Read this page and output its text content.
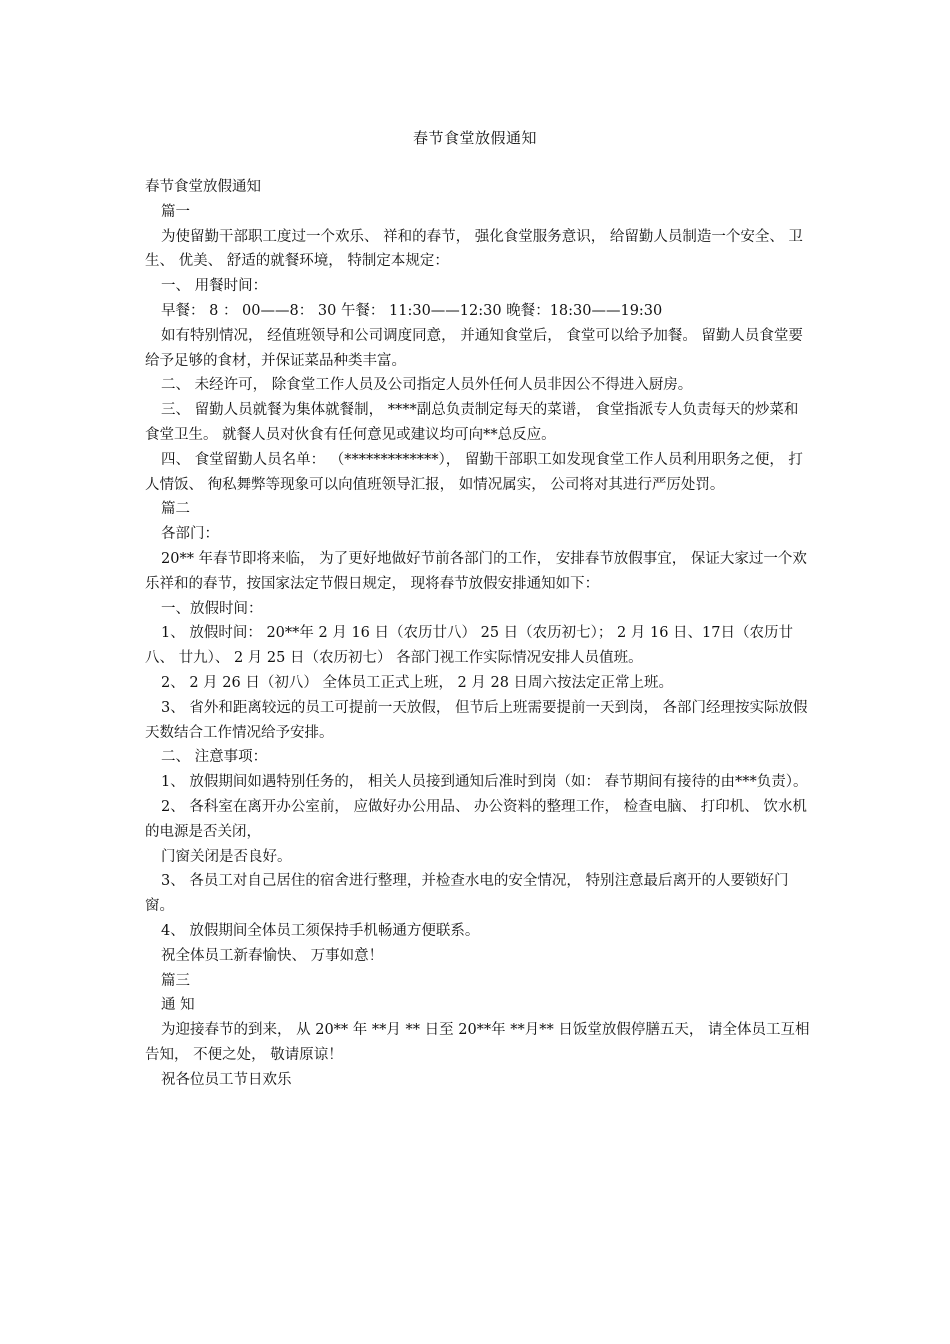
春节食堂放假通知

春节食堂放假通知

篇一

为使留勤干部职工度过一个欢乐、 祥和的春节， 强化食堂服务意识， 给留勤人员制造一个安全、 卫生、 优美、 舒适的就餐环境， 特制定本规定：

一、 用餐时间：

早餐： 8 ： 00——8： 30 午餐： 11:30——12:30 晚餐：18:30——19:30

如有特别情况， 经值班领导和公司调度同意， 并通知食堂后， 食堂可以给予加餐。 留勤人员食堂要给予足够的食材，并保证菜品种类丰富。

二、 未经许可， 除食堂工作人员及公司指定人员外任何人员非因公不得进入厨房。

三、 留勤人员就餐为集体就餐制， ****副总负责制定每天的菜谱， 食堂指派专人负责每天的炒菜和食堂卫生。 就餐人员对伙食有任何意见或建议均可向**总反应。

四、 食堂留勤人员名单： （*************）， 留勤干部职工如发现食堂工作人员利用职务之便， 打人情饭、 徇私舞弊等现象可以向值班领导汇报， 如情况属实， 公司将对其进行严厉处罚。

篇二

各部门：

20** 年春节即将来临， 为了更好地做好节前各部门的工作， 安排春节放假事宜， 保证大家过一个欢乐祥和的春节，按国家法定节假日规定， 现将春节放假安排通知如下：

一、放假时间：

1、 放假时间： 20**年 2 月 16 日（农历廿八） 25 日（农历初七）； 2 月 16 日、17日（农历廿八、 廿九）、 2 月 25 日（农历初七） 各部门视工作实际情况安排人员值班。

2、 2 月 26 日（初八） 全体员工正式上班， 2 月 28 日周六按法定正常上班。

3、 省外和距离较远的员工可提前一天放假， 但节后上班需要提前一天到岗， 各部门经理按实际放假天数结合工作情况给予安排。

二、 注意事项：

1、 放假期间如遇特别任务的， 相关人员接到通知后准时到岗（如： 春节期间有接待的由***负责）。

2、 各科室在离开办公室前， 应做好办公用品、 办公资料的整理工作， 检查电脑、 打印机、 饮水机的电源是否关闭，

门窗关闭是否良好。

3、 各员工对自己居住的宿舍进行整理，并检查水电的安全情况， 特别注意最后离开的人要锁好门窗。

4、 放假期间全体员工须保持手机畅通方便联系。

祝全体员工新春愉快、 万事如意！

篇三

通 知

为迎接春节的到来， 从 20** 年 **月 ** 日至 20**年 **月** 日饭堂放假停膳五天， 请全体员工互相告知， 不便之处， 敬请原谅！

祝各位员工节日欢乐
